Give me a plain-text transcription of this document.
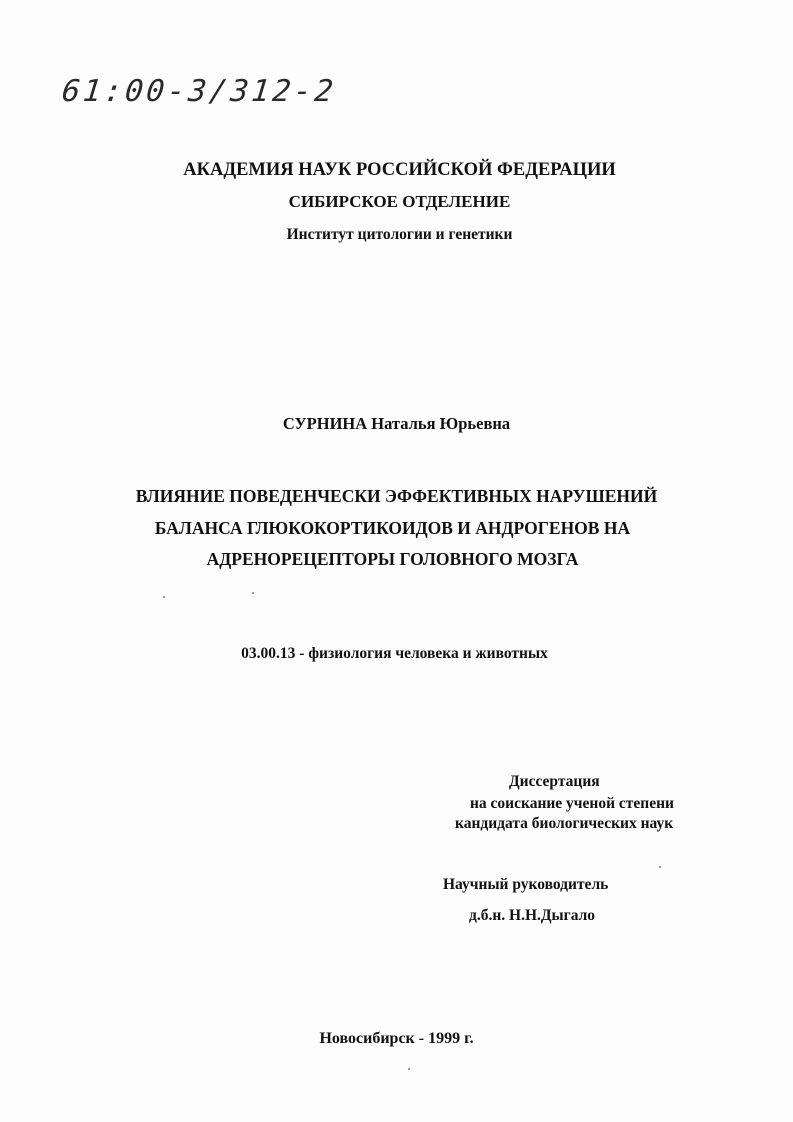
61:00-3/312-2
АКАДЕМИЯ НАУК РОССИЙСКОЙ ФЕДЕРАЦИИ
СИБИРСКОЕ ОТДЕЛЕНИЕ
Институт цитологии и генетики
СУРНИНА Наталья Юрьевна
ВЛИЯНИЕ ПОВЕДЕНЧЕСКИ ЭФФЕКТИВНЫХ НАРУШЕНИЙ
БАЛАНСА ГЛЮКОКОРТИКОИДОВ И АНДРОГЕНОВ НА
АДРЕНОРЕЦЕПТОРЫ ГОЛОВНОГО МОЗГА
03.00.13 - физиология человека и животных
Диссертация
на соискание ученой степени
кандидата биологических наук
Научный руководитель
д.б.н. Н.Н.Дыгало
Новосибирск - 1999 г.
